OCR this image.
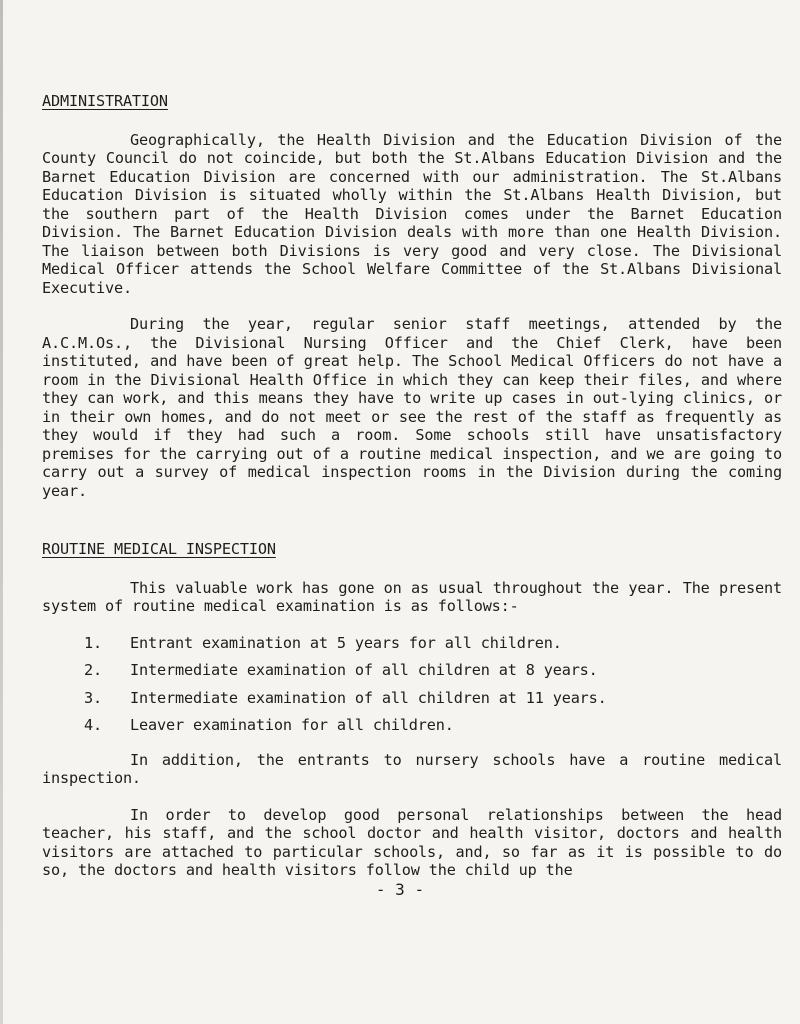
ADMINISTRATION

Geographically, the Health Division and the Education Division of the County Council do not coincide, but both the St.Albans Education Division and the Barnet Education Division are concerned with our administration. The St.Albans Education Division is situated wholly within the St.Albans Health Division, but the southern part of the Health Division comes under the Barnet Education Division. The Barnet Education Division deals with more than one Health Division. The liaison between both Divisions is very good and very close. The Divisional Medical Officer attends the School Welfare Committee of the St.Albans Divisional Executive.

During the year, regular senior staff meetings, attended by the A.C.M.Os., the Divisional Nursing Officer and the Chief Clerk, have been instituted, and have been of great help. The School Medical Officers do not have a room in the Divisional Health Office in which they can keep their files, and where they can work, and this means they have to write up cases in out-lying clinics, or in their own homes, and do not meet or see the rest of the staff as frequently as they would if they had such a room. Some schools still have unsatisfactory premises for the carrying out of a routine medical inspection, and we are going to carry out a survey of medical inspection rooms in the Division during the coming year.

ROUTINE MEDICAL INSPECTION

This valuable work has gone on as usual throughout the year. The present system of routine medical examination is as follows:-

1.	Entrant examination at 5 years for all children.
2.	Intermediate examination of all children at 8 years.
3.	Intermediate examination of all children at 11 years.
4.	Leaver examination for all children.

In addition, the entrants to nursery schools have a routine medical inspection.

In order to develop good personal relationships between the head teacher, his staff, and the school doctor and health visitor, doctors and health visitors are attached to particular schools, and, so far as it is possible to do so, the doctors and health visitors follow the child up the

- 3 -
